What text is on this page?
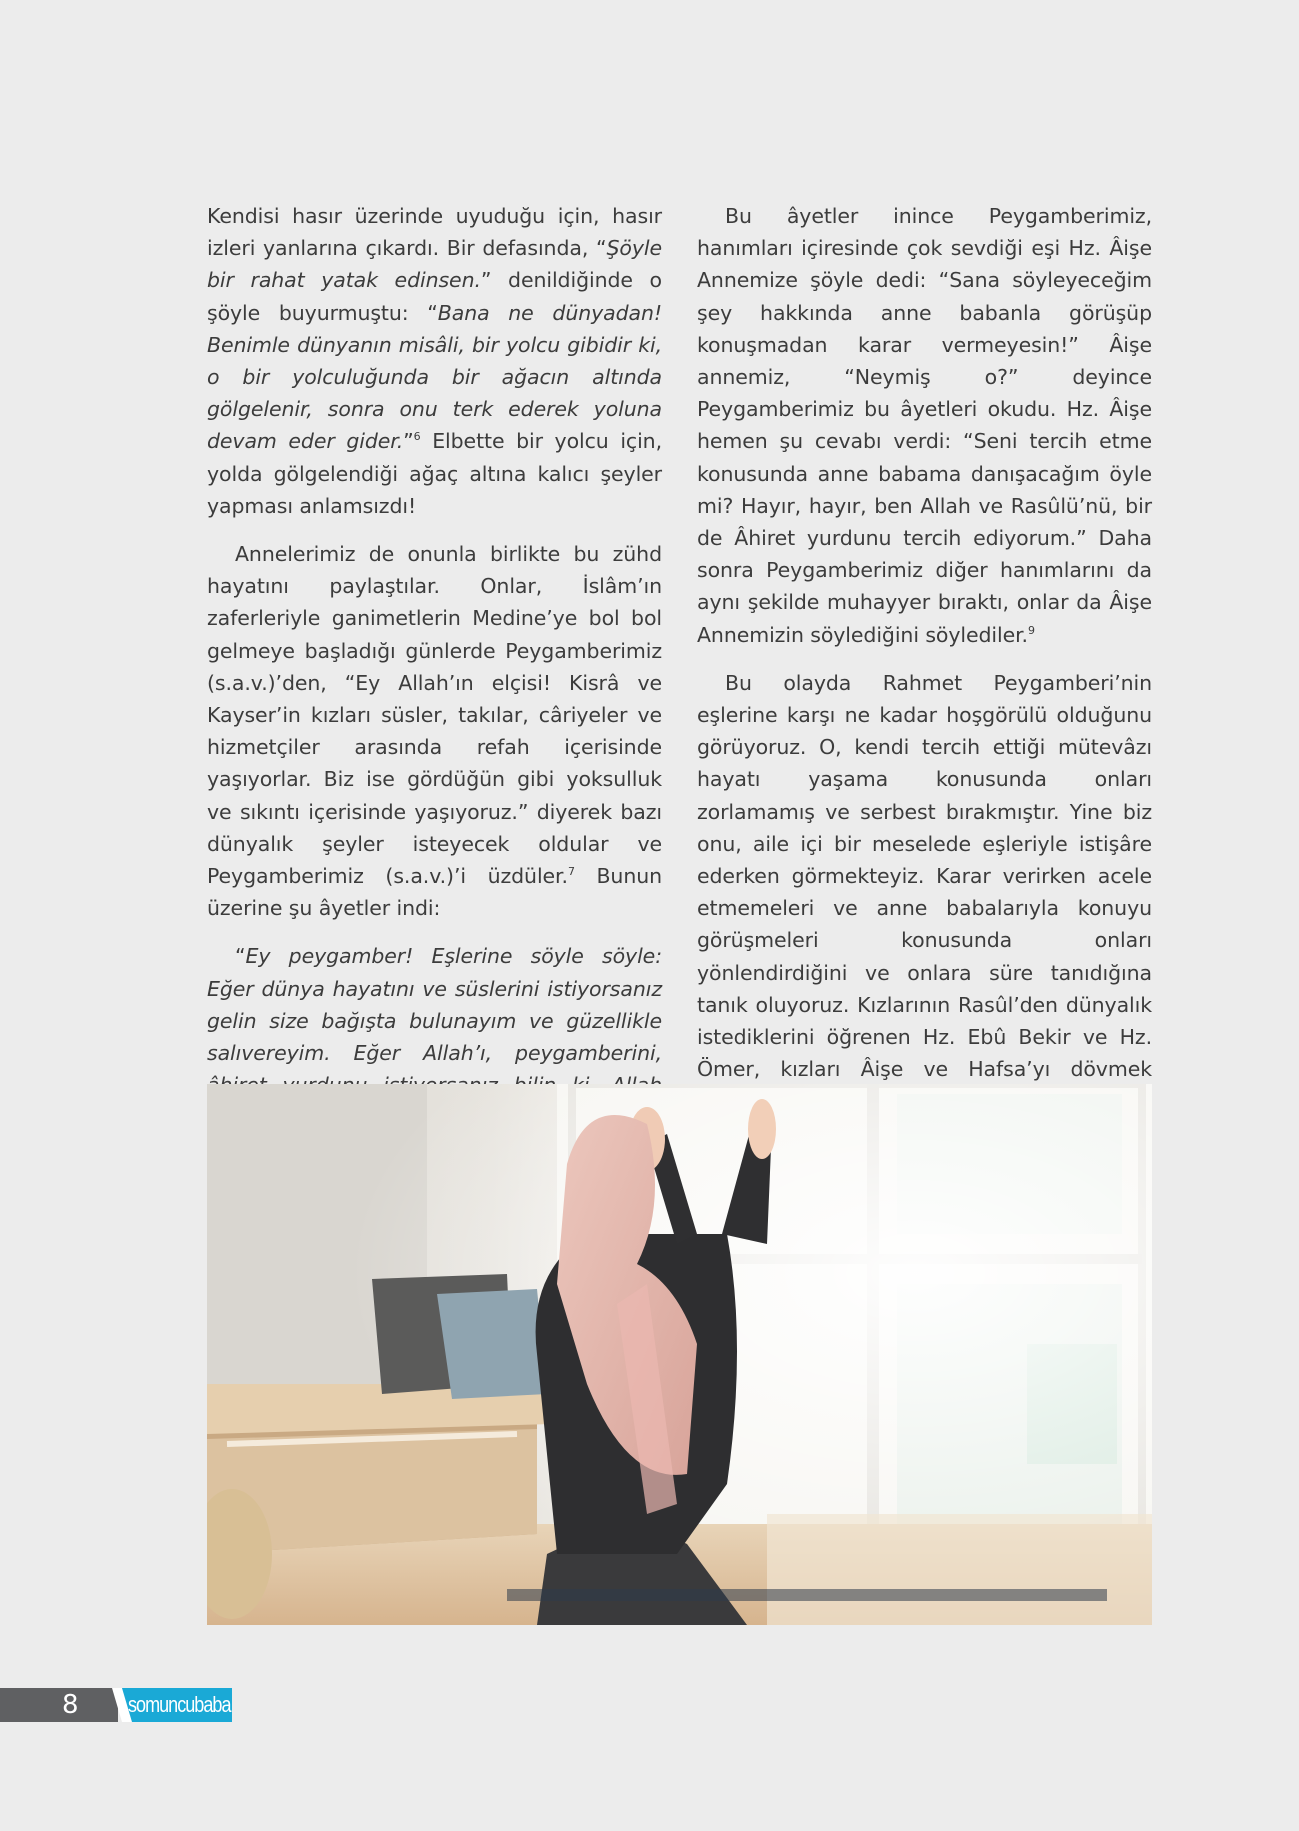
Kendisi hasır üzerinde uyuduğu için, hasır izleri yanlarına çıkardı. Bir defasında, “Şöyle bir rahat yatak edinsen.” denildiğinde o şöyle buyurmuştu: “Bana ne dünyadan! Benimle dünyanın misâli, bir yolcu gibidir ki, o bir yolculuğunda bir ağacın altında gölgelenir, sonra onu terk ederek yoluna devam eder gider.”$^6$ Elbette bir yolcu için, yolda gölgelendiği ağaç altına kalıcı şeyler yapması anlamsızdı!

Annelerimiz de onunla birlikte bu zühd hayatını paylaştılar. Onlar, İslâm’ın zaferleriyle ganimetlerin Medine’ye bol bol gelmeye başladığı günlerde Peygamberimiz (s.a.v.)’den, “Ey Allah’ın elçisi! Kisrâ ve Kayser’in kızları süsler, takılar, câriyeler ve hizmetçiler arasında refah içerisinde yaşıyorlar. Biz ise gördüğün gibi yoksulluk ve sıkıntı içerisinde yaşıyoruz.” diyerek bazı dünyalık şeyler isteyecek oldular ve Peygamberimiz (s.a.v.)’i üzdüler.$^7$ Bunun üzerine şu âyetler indi:

“Ey peygamber! Eşlerine söyle söyle: Eğer dünya hayatını ve süslerini istiyorsanız gelin size bağışta bulunayım ve güzellikle salıvereyim. Eğer Allah’ı, peygamberini,

Bu âyetler inince Peygamberimiz, hanımları içiresinde çok sevdiği eşi Hz. Âişe Annemize şöyle dedi: “Sana söyleyeceğim şey hakkında anne babanla görüşüp konuşmadan karar vermeyesin!” Âişe annemiz, “Neymiş o?” deyince Peygamberimiz bu âyetleri okudu. Hz. Âişe hemen şu cevabı verdi: “Seni tercih etme konusunda anne babama danışacağım öyle mi? Hayır, hayır, ben Allah ve Rasûlü’nü, bir de Âhiret yurdunu tercih ediyorum.” Daha sonra Peygamberimiz diğer hanımlarını da aynı şekilde muhayyer bıraktı, onlar da Âişe Annemizin söylediğini söylediler.$^9$

Bu olayda Rahmet Peygamberi’nin eşlerine karşı ne kadar hoşgörülü olduğunu görüyoruz. O, kendi tercih ettiği mütevâzı hayatı yaşama konusunda onları zorlamamış ve serbest bırakmıştır. Yine biz onu, aile içi bir meselede eşleriyle istişâre ederken görmekteyiz. Karar verirken acele etmemeleri ve anne babalarıyla konuyu görüşmeleri konusunda onları yönlendirdiğini ve onlara süre tanıdığına tanık oluyoruz. Kızlarının Rasûl’den dünyalık istediklerini öğrenen Hz. Ebû Bekir ve Hz. Ömer, kızları Âişe ve Hafsa’yı dövmek

8	somuncubaba
